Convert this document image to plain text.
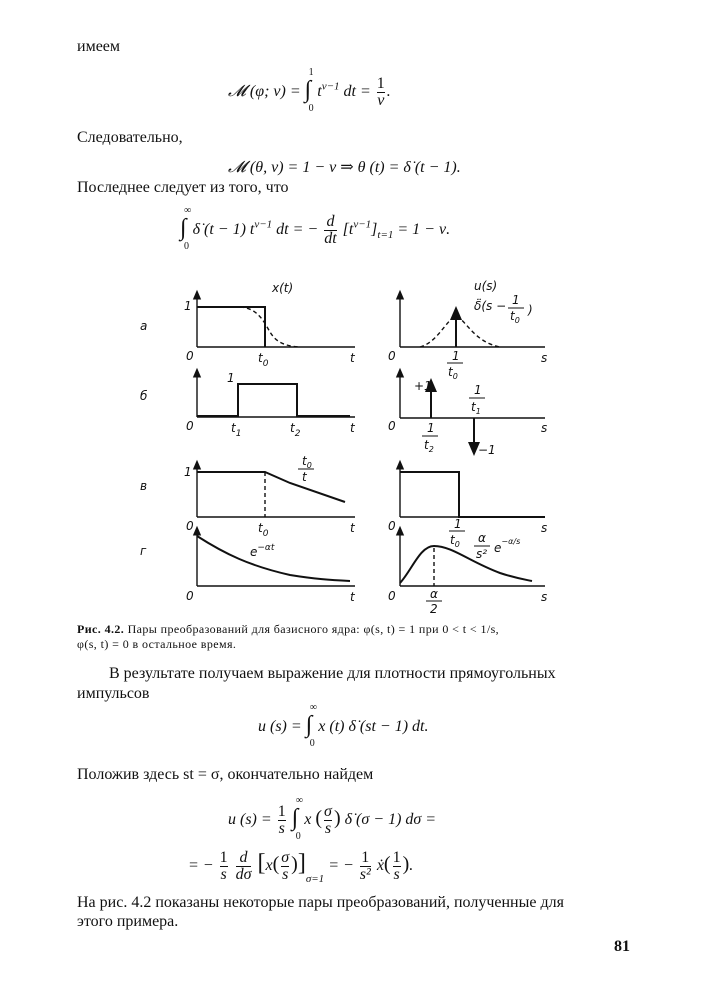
имеем
𝓜 (φ; ν) = ∫
1
0
$t^{\nu-1}$ dt = $\frac{1}{\nu}$ .
Следовательно,
𝓜 (θ, ν) = 1 − ν ⇒ θ (t) = δ̇ (t − 1).
Последнее следует из того, что
∫
∞
0
δ̇ (t − 1) $t^{\nu-1}$ dt = − $\frac{d}{dt} [t^{\nu-1}]_{t=1} = 1 - \nu$.
а
б
в
г
x(t)	u(s)
1
0	$t_0$	t	0	s
δ̈(s − 1
$t_0$
)
1
$t_0$
1
0	$t_1$	$t_2$	t	0	s
+1
−1
1
$t_1$
1
$t_2$
1
0	$t_0$	t
$t_0$
t
0	s
1
$t_0$
0	t
$e^{-\alpha t}$
0	s
α
2
α
s² $e^{-\alpha/s}$
Рис. 4.2. Пары преобразований для базисного ядра: φ(s, t) = 1 при 0 < t < 1/s,
φ(s, t) = 0 в остальное время.
В результате получаем выражение для плотности прямоугольных
импульсов
u (s) = ∫
∞
0
x (t) δ̇ (st − 1) dt.
Положив здесь st = σ, окончательно найдем
u $(s) = \frac{1}{s}$ ∫
∞
0
x ( $\frac{\sigma}{s}$ ) δ̇ (σ − 1) dσ =
= − $\frac{1}{s}$
$\frac{d}{d\sigma} [x( \frac{\sigma}{s} )]_{\sigma=1}$ = − $\frac{1}{\text{s²}}$ ẋ( $\frac{1}{s}$ ).
На рис. 4.2 показаны некоторые пары преобразований, полученные для
этого примера.
81
